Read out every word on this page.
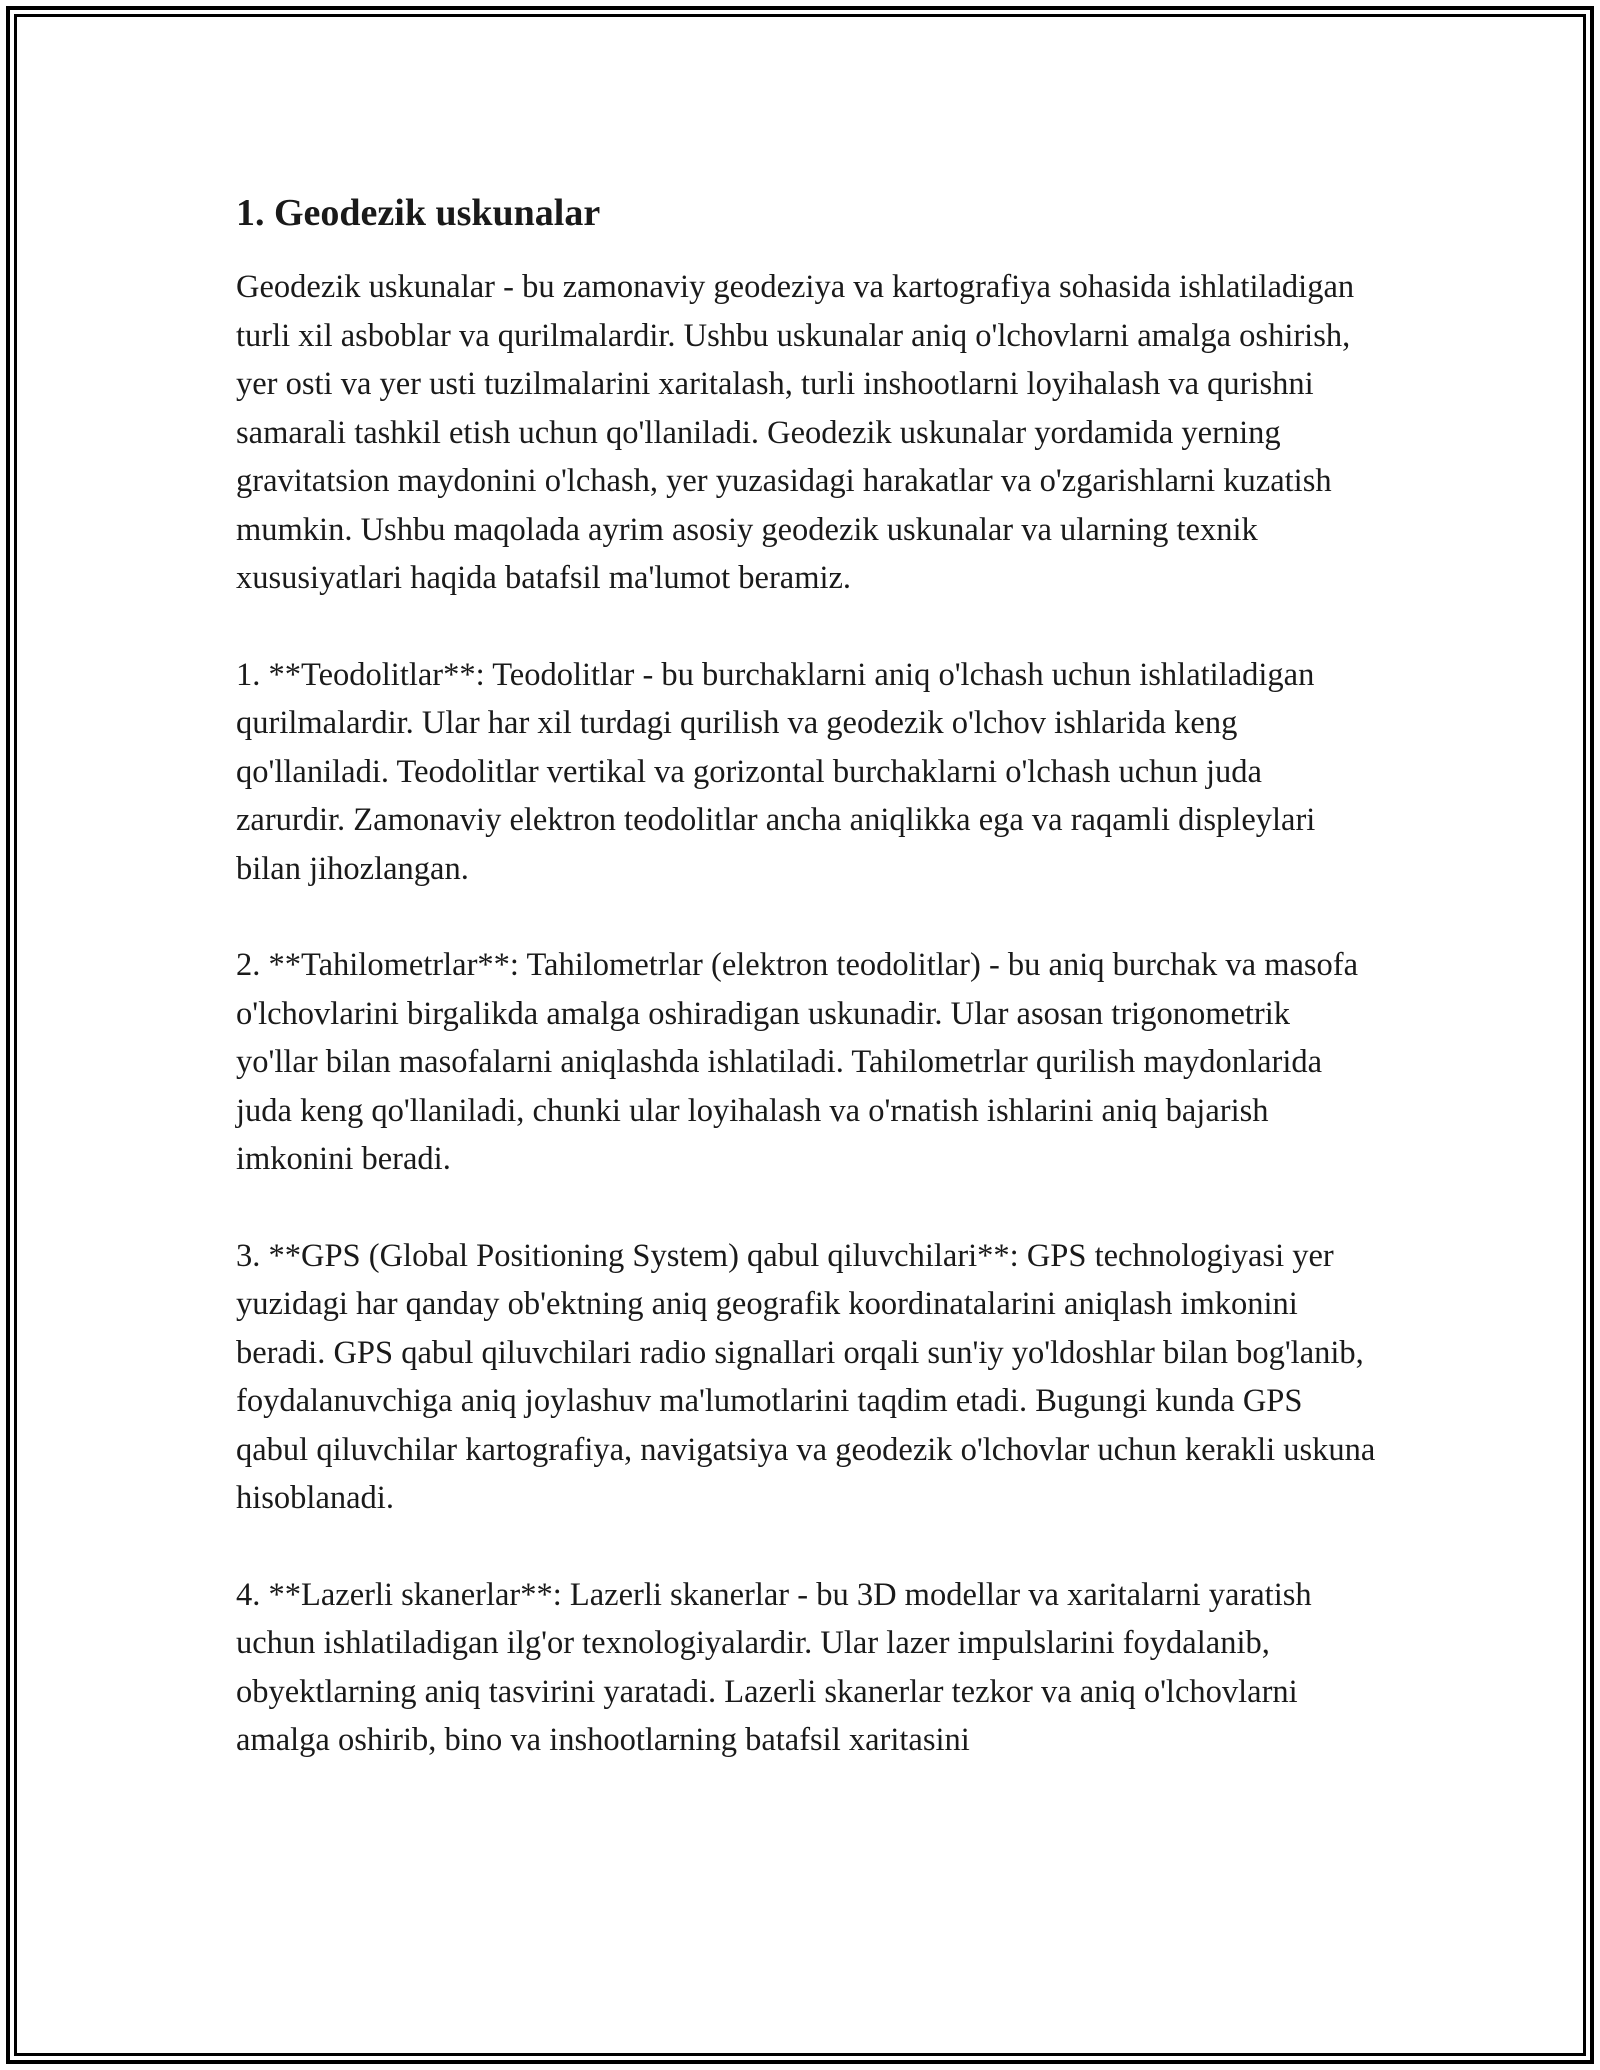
1. Geodezik uskunalar

Geodezik uskunalar - bu zamonaviy geodeziya va kartografiya sohasida ishlatiladigan turli xil asboblar va qurilmalardir. Ushbu uskunalar aniq o'lchovlarni amalga oshirish, yer osti va yer usti tuzilmalarini xaritalash, turli inshootlarni loyihalash va qurishni samarali tashkil etish uchun qo'llaniladi. Geodezik uskunalar yordamida yerning gravitatsion maydonini o'lchash, yer yuzasidagi harakatlar va o'zgarishlarni kuzatish mumkin. Ushbu maqolada ayrim asosiy geodezik uskunalar va ularning texnik xususiyatlari haqida batafsil ma'lumot beramiz.

1. **Teodolitlar**: Teodolitlar - bu burchaklarni aniq o'lchash uchun ishlatiladigan qurilmalardir. Ular har xil turdagi qurilish va geodezik o'lchov ishlarida keng qo'llaniladi. Teodolitlar vertikal va gorizontal burchaklarni o'lchash uchun juda zarurdir. Zamonaviy elektron teodolitlar ancha aniqlikka ega va raqamli displeylari bilan jihozlangan.

2. **Tahilometrlar**: Tahilometrlar (elektron teodolitlar) - bu aniq burchak va masofa o'lchovlarini birgalikda amalga oshiradigan uskunadir. Ular asosan trigonometrik yo'llar bilan masofalarni aniqlashda ishlatiladi. Tahilometrlar qurilish maydonlarida juda keng qo'llaniladi, chunki ular loyihalash va o'rnatish ishlarini aniq bajarish imkonini beradi.

3. **GPS (Global Positioning System) qabul qiluvchilari**: GPS technologiyasi yer yuzidagi har qanday ob'ektning aniq geografik koordinatalarini aniqlash imkonini beradi. GPS qabul qiluvchilari radio signallari orqali sun'iy yo'ldoshlar bilan bog'lanib, foydalanuvchiga aniq joylashuv ma'lumotlarini taqdim etadi. Bugungi kunda GPS qabul qiluvchilar kartografiya, navigatsiya va geodezik o'lchovlar uchun kerakli uskuna hisoblanadi.

4. **Lazerli skanerlar**: Lazerli skanerlar - bu 3D modellar va xaritalarni yaratish uchun ishlatiladigan ilg'or texnologiyalardir. Ular lazer impulslarini foydalanib, obyektlarning aniq tasvirini yaratadi. Lazerli skanerlar tezkor va aniq o'lchovlarni amalga oshirib, bino va inshootlarning batafsil xaritasini
